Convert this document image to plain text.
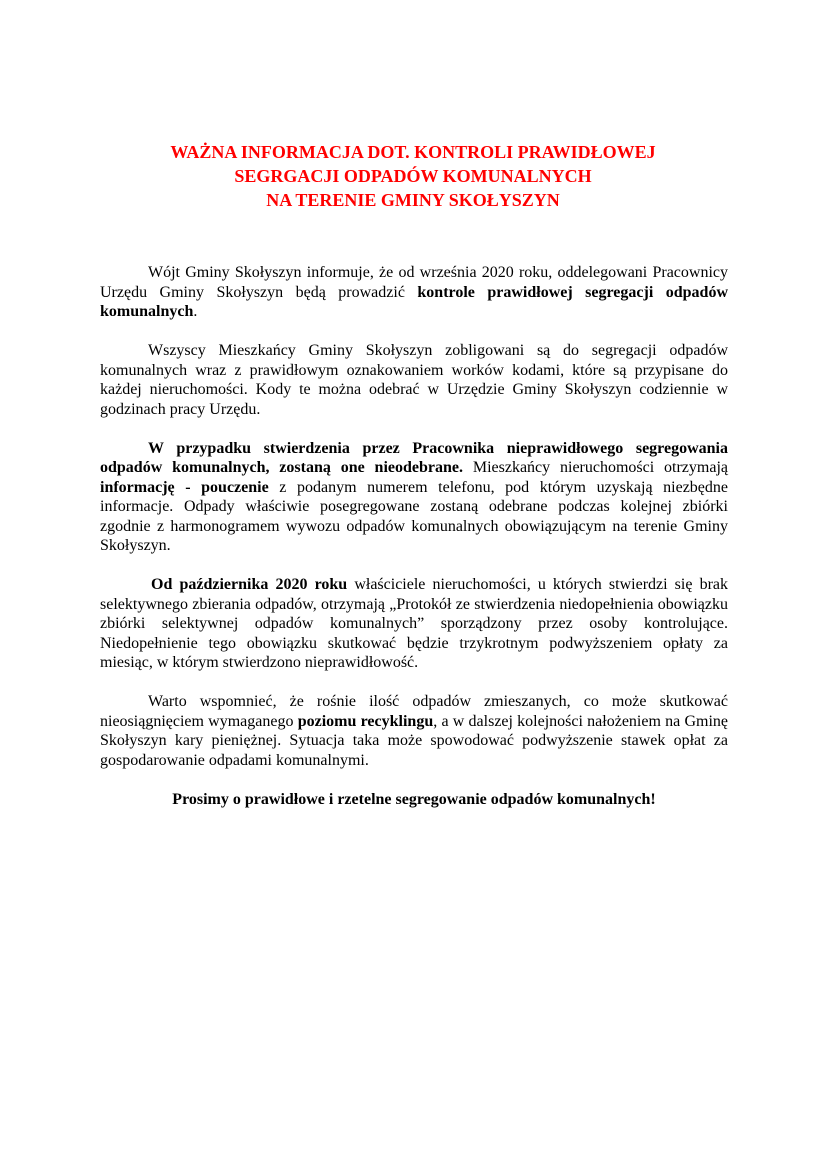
WAŻNA INFORMACJA DOT. KONTROLI PRAWIDŁOWEJ
SEGRGACJI ODPADÓW KOMUNALNYCH
NA TERENIE GMINY SKOŁYSZYN

Wójt Gminy Skołyszyn informuje, że od września 2020 roku, oddelegowani Pracownicy Urzędu Gminy Skołyszyn będą prowadzić kontrole prawidłowej segregacji odpadów komunalnych.

Wszyscy Mieszkańcy Gminy Skołyszyn zobligowani są do segregacji odpadów komunalnych wraz z prawidłowym oznakowaniem worków kodami, które są przypisane do każdej nieruchomości. Kody te można odebrać w Urzędzie Gminy Skołyszyn codziennie w godzinach pracy Urzędu.

W przypadku stwierdzenia przez Pracownika nieprawidłowego segregowania odpadów komunalnych, zostaną one nieodebrane. Mieszkańcy nieruchomości otrzymają informację - pouczenie z podanym numerem telefonu, pod którym uzyskają niezbędne informacje. Odpady właściwie posegregowane zostaną odebrane podczas kolejnej zbiórki zgodnie z harmonogramem wywozu odpadów komunalnych obowiązującym na terenie Gminy Skołyszyn.

Od października 2020 roku właściciele nieruchomości, u których stwierdzi się brak selektywnego zbierania odpadów, otrzymają „Protokół ze stwierdzenia niedopełnienia obowiązku zbiórki selektywnej odpadów komunalnych” sporządzony przez osoby kontrolujące. Niedopełnienie tego obowiązku skutkować będzie trzykrotnym podwyższeniem opłaty za miesiąc, w którym stwierdzono nieprawidłowość.

Warto wspomnieć, że rośnie ilość odpadów zmieszanych, co może skutkować nieosiągnięciem wymaganego poziomu recyklingu, a w dalszej kolejności nałożeniem na Gminę Skołyszyn kary pieniężnej. Sytuacja taka może spowodować podwyższenie stawek opłat za gospodarowanie odpadami komunalnymi.

Prosimy o prawidłowe i rzetelne segregowanie odpadów komunalnych!
